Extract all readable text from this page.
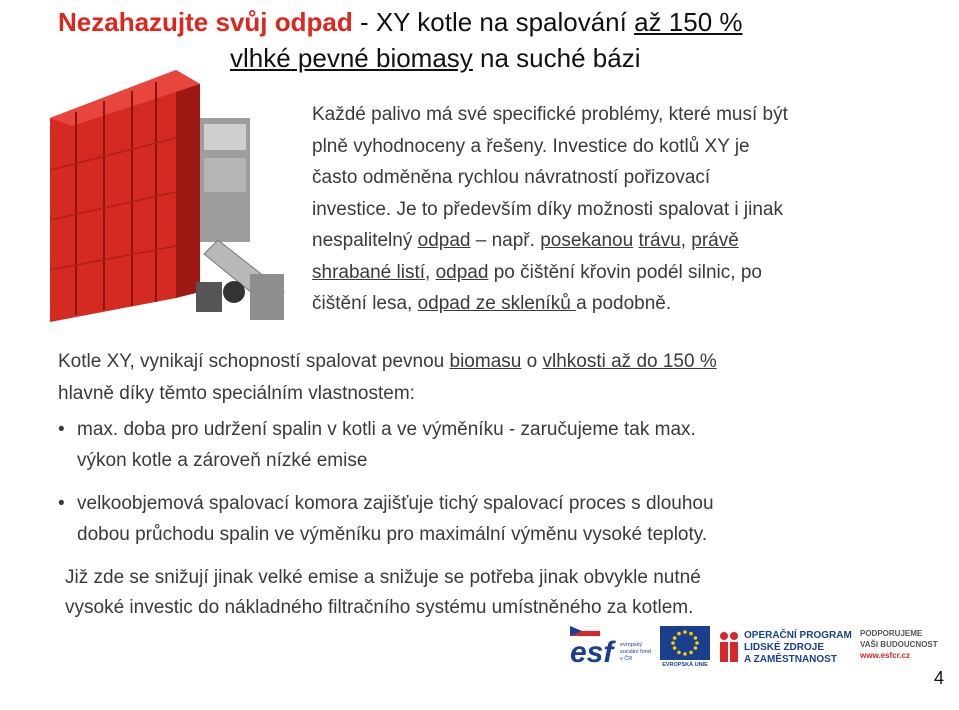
Nezahazujte svůj odpad - XY kotle na spalování až 150 %
vlhké pevné biomasy na suché bázi
Každé palivo má své specifické problémy, které musí být
plně vyhodnoceny a řešeny. Investice do kotlů XY je
často odměněna rychlou návratností pořizovací
investice. Je to především díky možnosti spalovat i jinak
nespalitelný odpad – např. posekanou trávu, právě
shrabané listí, odpad po čištění křovin podél silnic, po
čištění lesa, odpad ze skleníků a podobně.
Kotle XY, vynikají schopností spalovat pevnou biomasu o vlhkosti až do 150 %
hlavně díky těmto speciálním vlastnostem:
• max. doba pro udržení spalin v kotli a ve výměníku - zaručujeme tak max.
výkon kotle a zároveň nízké emise
• velkoobjemová spalovací komora zajišťuje tichý spalovací proces s dlouhou
dobou průchodu spalin ve výměníku pro maximální výměnu vysoké teploty.
Již zde se snižují jinak velké emise a snižuje se potřeba jinak obvykle nutné
vysoké investic do nákladného filtračního systému umístněného za kotlem.
esf evropský sociální fond v ČR
EVROPSKÁ UNIE
OPERAČNÍ PROGRAM
LIDSKÉ ZDROJE
A ZAMĚSTNANOST
PODPORUJEME
VAŠI BUDOUCNOST
www.esfcr.cz
4
